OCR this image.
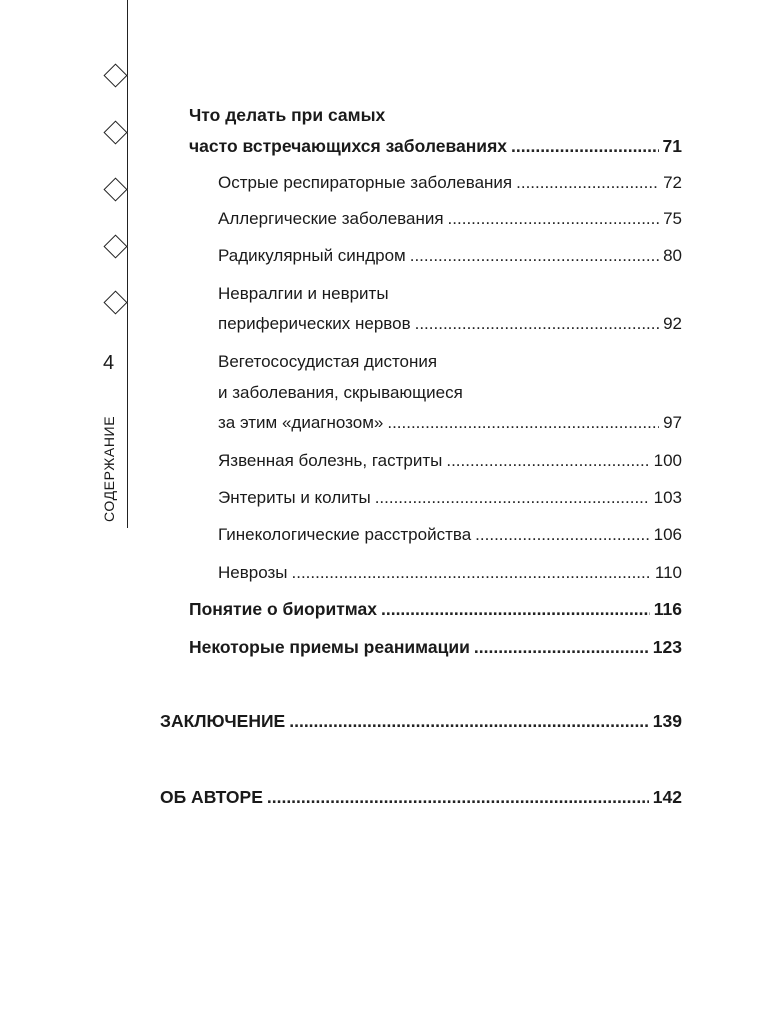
4
СОДЕРЖАНИЕ
Что делать при самых
часто встречающихся заболеваниях .....	71
Острые респираторные заболевания .....	72
Аллергические заболевания .....	75
Радикулярный синдром .....	80
Невралгии и невриты
периферических нервов .....	92
Вегетососудистая дистония
и заболевания, скрывающиеся
за этим «диагнозом» .....	97
Язвенная болезнь, гастриты .....	100
Энтериты и колиты .....	103
Гинекологические расстройства .....	106
Неврозы .....	110
Понятие о биоритмах .....	116
Некоторые приемы реанимации .....	123
ЗАКЛЮЧЕНИЕ .....	139
ОБ АВТОРЕ .....	142
